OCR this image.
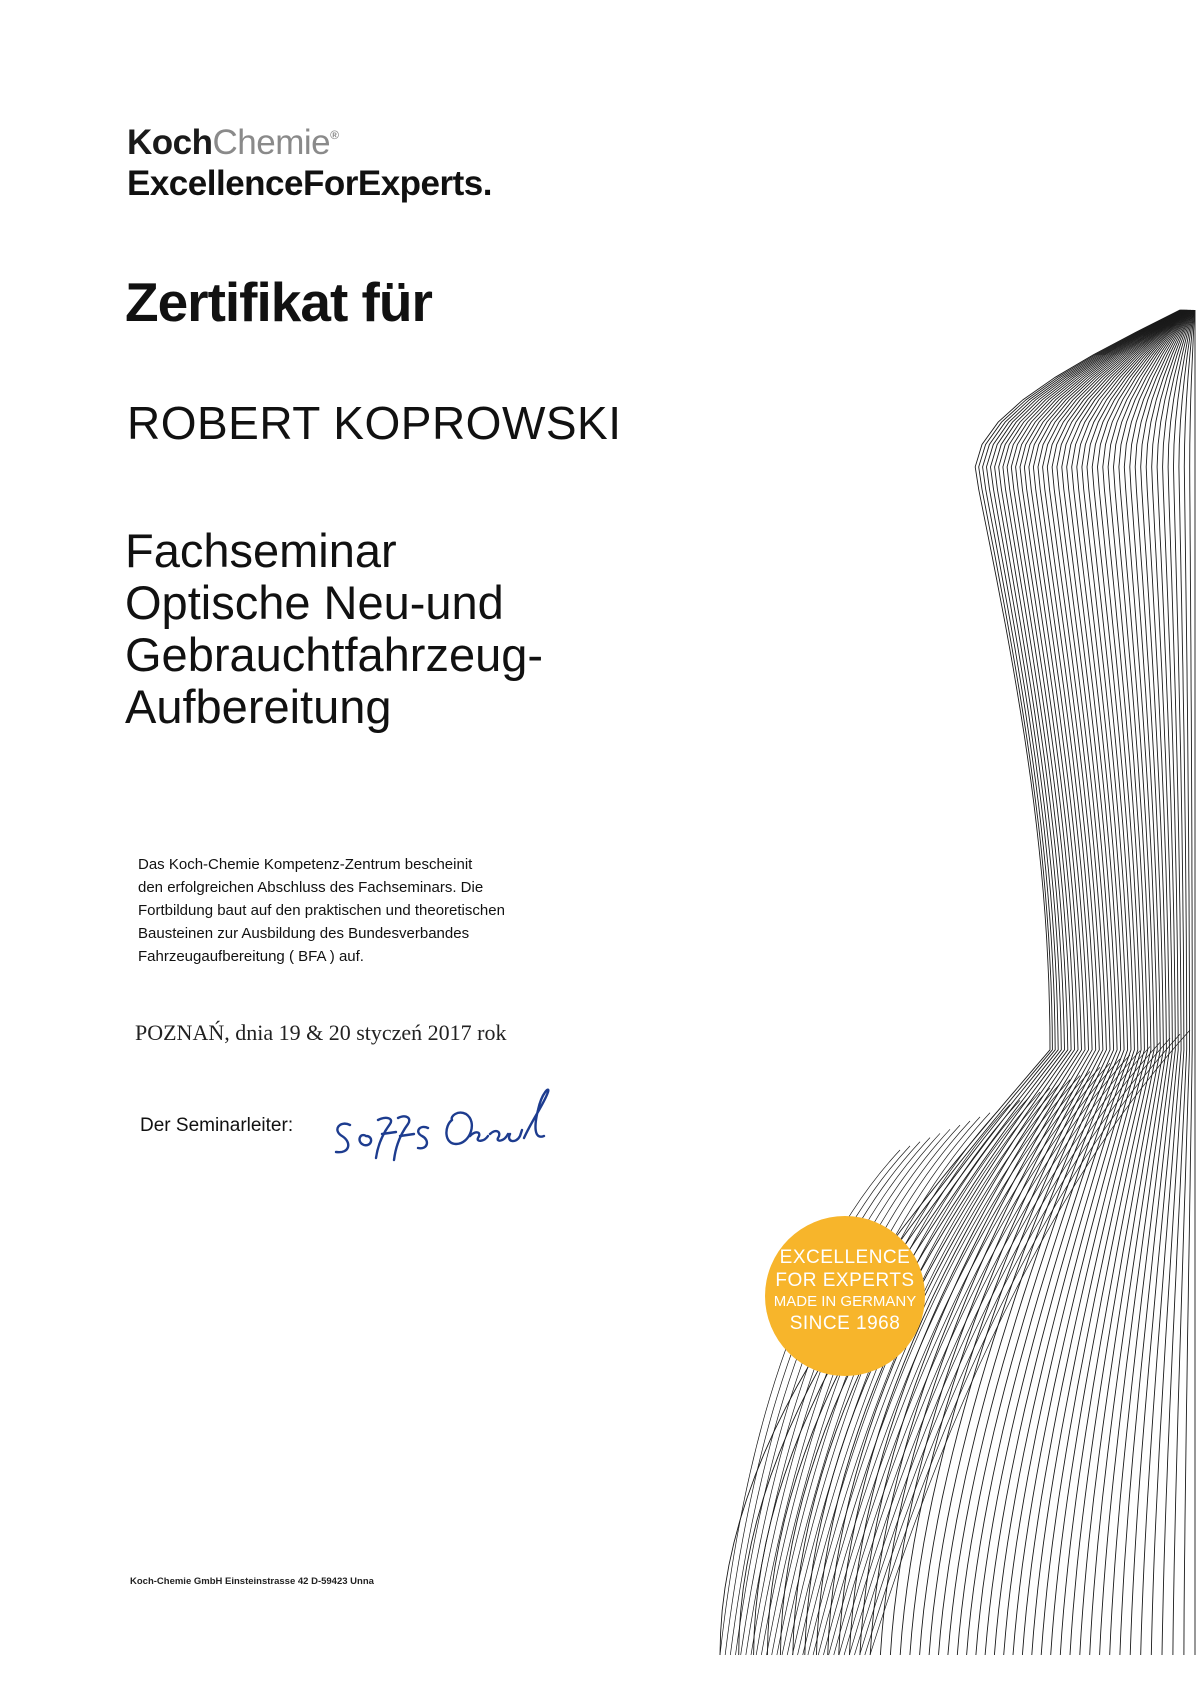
KochChemie®
ExcellenceForExperts.
Zertifikat für
ROBERT KOPROWSKI
Fachseminar
Optische Neu-und
Gebrauchtfahrzeug-
Aufbereitung
Das Koch-Chemie Kompetenz-Zentrum bescheinit
den erfolgreichen Abschluss des Fachseminars. Die
Fortbildung baut auf den praktischen und theoretischen
Bausteinen zur Ausbildung des Bundesverbandes
Fahrzeugaufbereitung ( BFA ) auf.
POZNAŃ, dnia 19 & 20 styczeń 2017 rok
Der Seminarleiter:
EXCELLENCE
FOR EXPERTS
MADE IN GERMANY
SINCE 1968
Koch-Chemie GmbH Einsteinstrasse 42 D-59423 Unna
